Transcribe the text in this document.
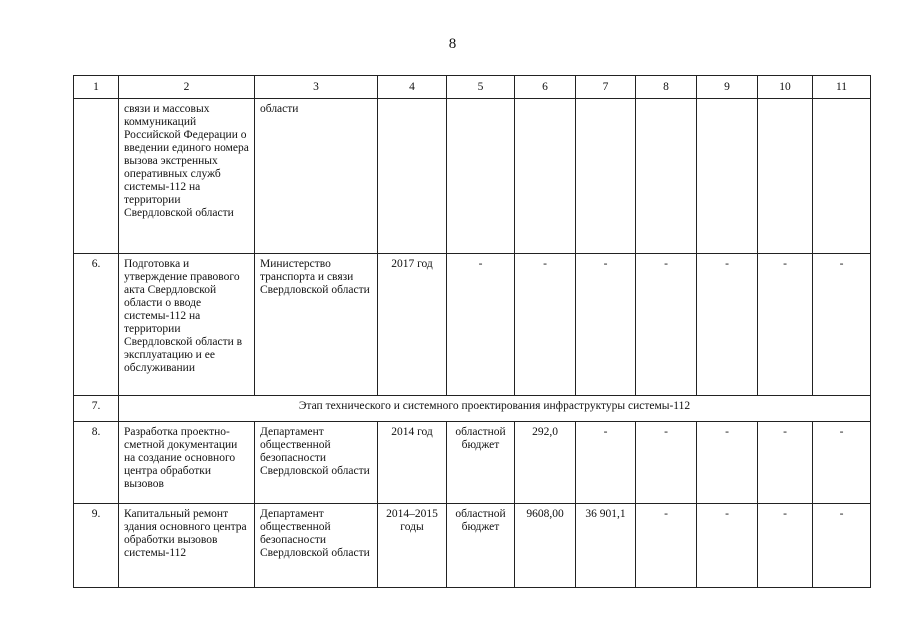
8
1	2	3	4	5	6	7	8	9	10	11
	связи и массовых коммуникаций Российской Федерации о введении единого номера вызова экстренных оперативных служб системы-112 на территории Свердловской области	области								
6.	Подготовка и утверждение правового акта Свердловской области о вводе системы-112 на территории Свердловской области в эксплуатацию и ее обслуживании	Министерство транспорта и связи Свердловской области	2017 год	-	-	-	-	-	-	-
7.	Этап технического и системного проектирования инфраструктуры системы-112									
8.	Разработка проектно-сметной документации на создание основного центра обработки вызовов	Департамент общественной безопасности Свердловской области	2014 год	областной бюджет	292,0	-	-	-	-	-
9.	Капитальный ремонт здания основного центра обработки вызовов системы-112	Департамент общественной безопасности Свердловской области	2014–2015 годы	областной бюджет	9608,00	36 901,1	-	-	-	-
